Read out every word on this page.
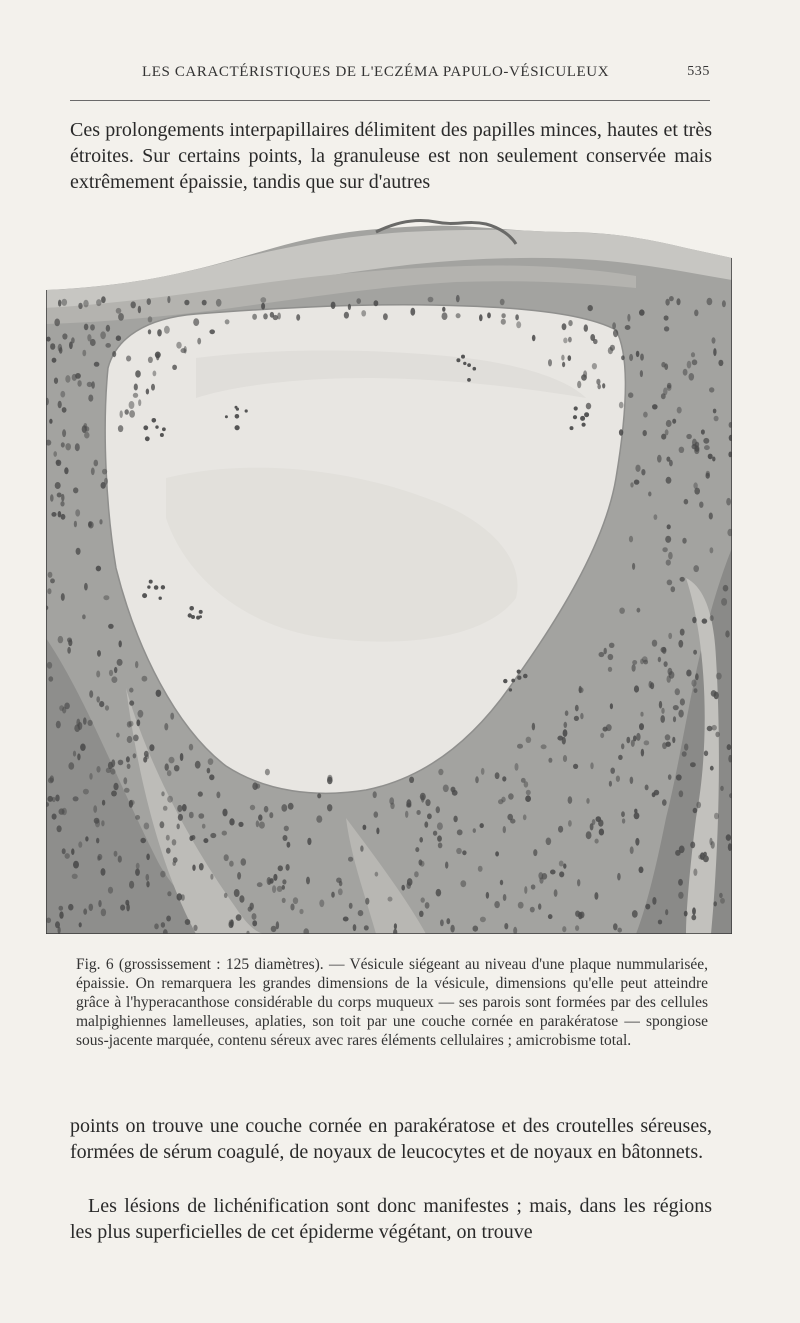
LES CARACTÉRISTIQUES DE L'ECZÉMA PAPULO-VÉSICULEUX	535
Ces prolongements interpapillaires délimitent des papilles minces, hautes et très étroites. Sur certains points, la granuleuse est non seulement conservée mais extrêmement épaissie, tandis que sur d'autres
Fig. 6 (grossissement : 125 diamètres). — Vésicule siégeant au niveau d'une plaque nummularisée, épaissie. On remarquera les grandes dimensions de la vésicule, dimensions qu'elle peut atteindre grâce à l'hyperacanthose considérable du corps muqueux — ses parois sont formées par des cellules malpighiennes lamelleuses, aplaties, son toit par une couche cornée en parakératose — spongiose sous-jacente marquée, contenu séreux avec rares éléments cellulaires ; amicrobisme total.
points on trouve une couche cornée en parakératose et des croutelles séreuses, formées de sérum coagulé, de noyaux de leucocytes et de noyaux en bâtonnets.
Les lésions de lichénification sont donc manifestes ; mais, dans les régions les plus superficielles de cet épiderme végétant, on trouve
